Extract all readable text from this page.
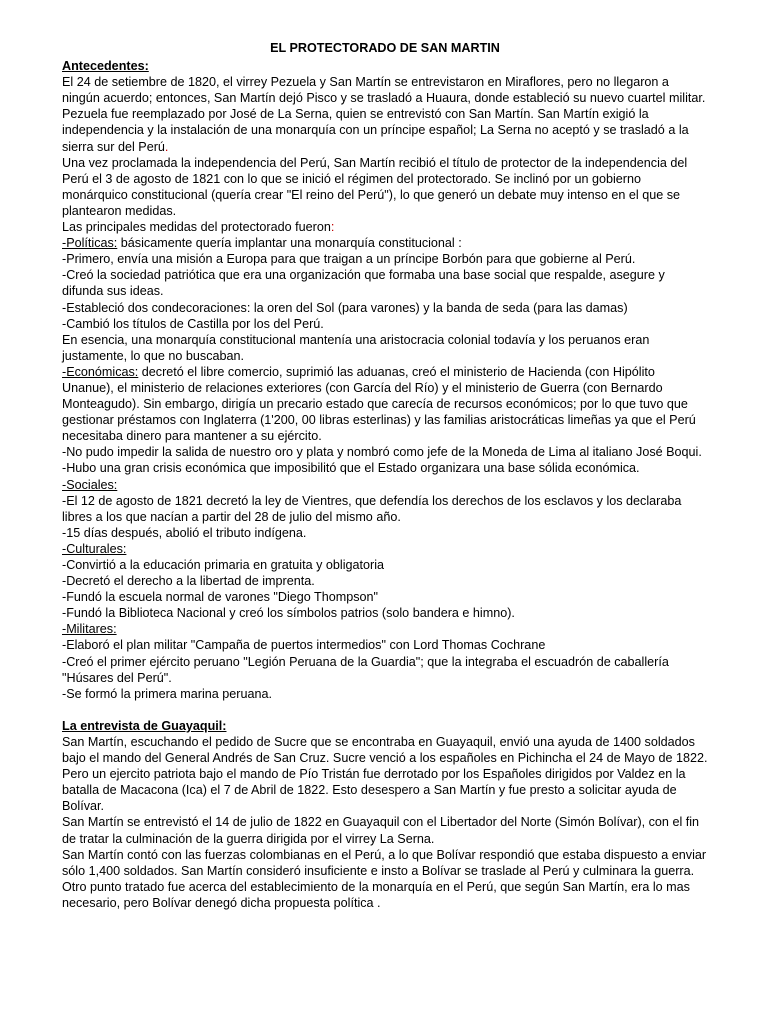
EL PROTECTORADO DE SAN MARTIN

Antecedentes:

El 24 de setiembre de 1820, el virrey Pezuela y San Martín se entrevistaron en Miraflores, pero no llegaron a ningún acuerdo; entonces, San Martín dejó Pisco y se trasladó a Huaura, donde estableció su nuevo cuartel militar. Pezuela fue reemplazado por José de La Serna, quien se entrevistó con San Martín. San Martín exigió la independencia y la instalación de una monarquía con un príncipe español; La Serna no aceptó y se trasladó a la sierra sur del Perú.

Una vez proclamada la independencia del Perú, San Martín recibió el título de protector de la independencia del Perú el 3 de agosto de 1821 con lo que se inició el régimen del protectorado. Se inclinó por un gobierno monárquico constitucional (quería crear "El reino del Perú"), lo que generó un debate muy intenso en el que se plantearon medidas.

Las principales medidas del protectorado fueron:

-Políticas: básicamente quería implantar una monarquía constitucional :

-Primero, envía una misión a Europa para que traigan a un príncipe Borbón para que gobierne al Perú.

-Creó la sociedad patriótica que era una organización que formaba una base social que respalde, asegure y difunda sus ideas.

-Estableció dos condecoraciones: la oren del Sol (para varones) y la banda de seda (para las damas)

-Cambió los títulos de Castilla por los del Perú.

En esencia, una monarquía constitucional mantenía una aristocracia colonial todavía y los peruanos eran justamente, lo que no buscaban.

-Económicas: decretó el libre comercio, suprimió las aduanas, creó el ministerio de Hacienda (con Hipólito Unanue), el ministerio de relaciones exteriores (con García del Río) y el ministerio de Guerra (con Bernardo Monteagudo). Sin embargo, dirigía un precario estado que carecía de recursos económicos; por lo que tuvo que gestionar préstamos con Inglaterra (1'200, 00 libras esterlinas) y las familias aristocráticas limeñas ya que el Perú necesitaba dinero para mantener a su ejército.

-No pudo impedir la salida de nuestro oro y plata y nombró como jefe de la Moneda de Lima al italiano José Boqui.

-Hubo una gran crisis económica que imposibilitó que el Estado organizara una base sólida económica.

-Sociales:

-El 12 de agosto de 1821 decretó la ley de Vientres, que defendía los derechos de los esclavos y los declaraba libres a los que nacían a partir del 28 de julio del mismo año.

-15 días después, abolió el tributo indígena.

-Culturales:

-Convirtió a la educación primaria en gratuita y obligatoria

-Decretó el derecho a la libertad de imprenta.

-Fundó la escuela normal de varones "Diego Thompson"

-Fundó la Biblioteca Nacional y creó los símbolos patrios (solo bandera e himno).

-Militares:

-Elaboró el plan militar "Campaña de puertos intermedios" con Lord Thomas Cochrane

-Creó el primer ejército peruano "Legión Peruana de la Guardia"; que la integraba el escuadrón de caballería "Húsares del Perú".

-Se formó la primera marina peruana.

La entrevista de Guayaquil:

San Martín, escuchando el pedido de Sucre que se encontraba en Guayaquil, envió una ayuda de 1400 soldados bajo el mando del General Andrés de San Cruz. Sucre venció a los españoles en Pichincha el 24 de Mayo de 1822. Pero un ejercito patriota bajo el mando de Pío Tristán fue derrotado por los Españoles dirigidos por Valdez en la batalla de Macacona (Ica) el 7 de Abril de 1822. Esto desespero a San Martín y fue presto a solicitar ayuda de Bolívar.

San Martín se entrevistó el 14 de julio de 1822 en Guayaquil con el Libertador del Norte (Simón Bolívar), con el fin de tratar la culminación de la guerra dirigida por el virrey La Serna.

San Martín contó con las fuerzas colombianas en el Perú, a lo que Bolívar respondió que estaba dispuesto a enviar sólo 1,400 soldados. San Martín consideró insuficiente e insto a Bolívar se traslade al Perú y culminara la guerra.

Otro punto tratado fue acerca del establecimiento de la monarquía en el Perú, que según San Martín, era lo mas necesario, pero Bolívar denegó dicha propuesta política .
